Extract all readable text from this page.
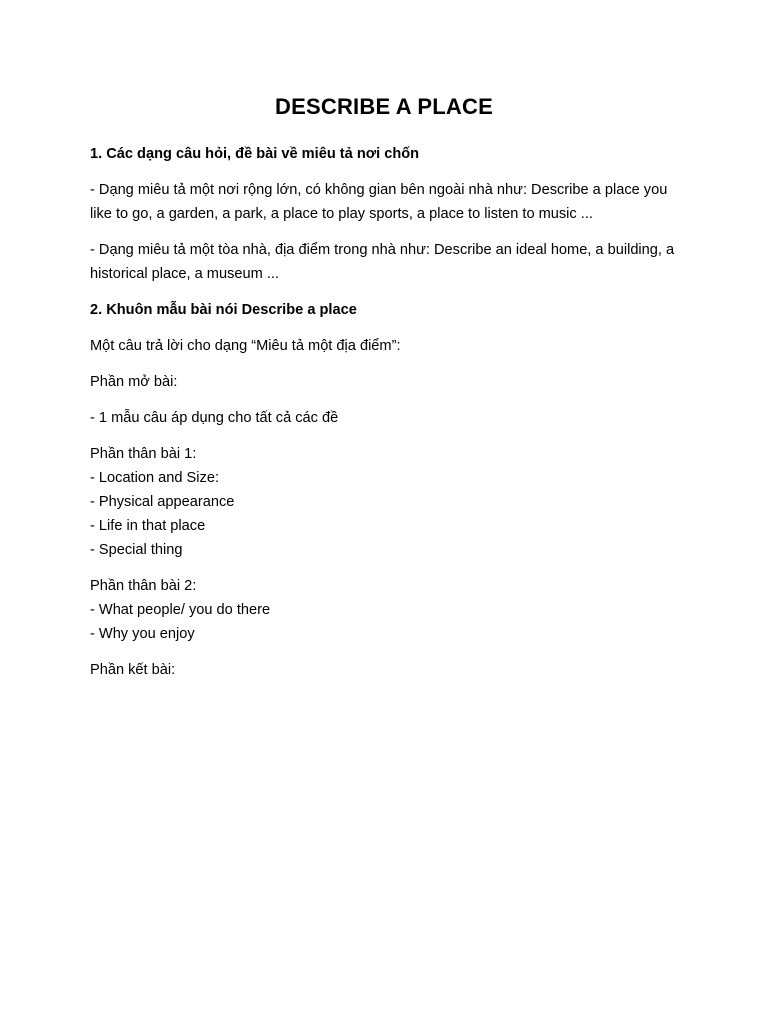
DESCRIBE A PLACE

1. Các dạng câu hỏi, đề bài về miêu tả nơi chốn

- Dạng miêu tả một nơi rộng lớn, có không gian bên ngoài nhà như: Describe a place you like to go, a garden, a park, a place to play sports, a place to listen to music ...

- Dạng miêu tả một tòa nhà, địa điểm trong nhà như: Describe an ideal home, a building, a historical place, a museum ...

2. Khuôn mẫu bài nói Describe a place

Một câu trả lời cho dạng “Miêu tả một địa điểm”:

Phần mở bài:

- 1 mẫu câu áp dụng cho tất cả các đề

Phần thân bài 1:
- Location and Size:
- Physical appearance
- Life in that place
- Special thing

Phần thân bài 2:
- What people/ you do there
- Why you enjoy

Phần kết bài:
